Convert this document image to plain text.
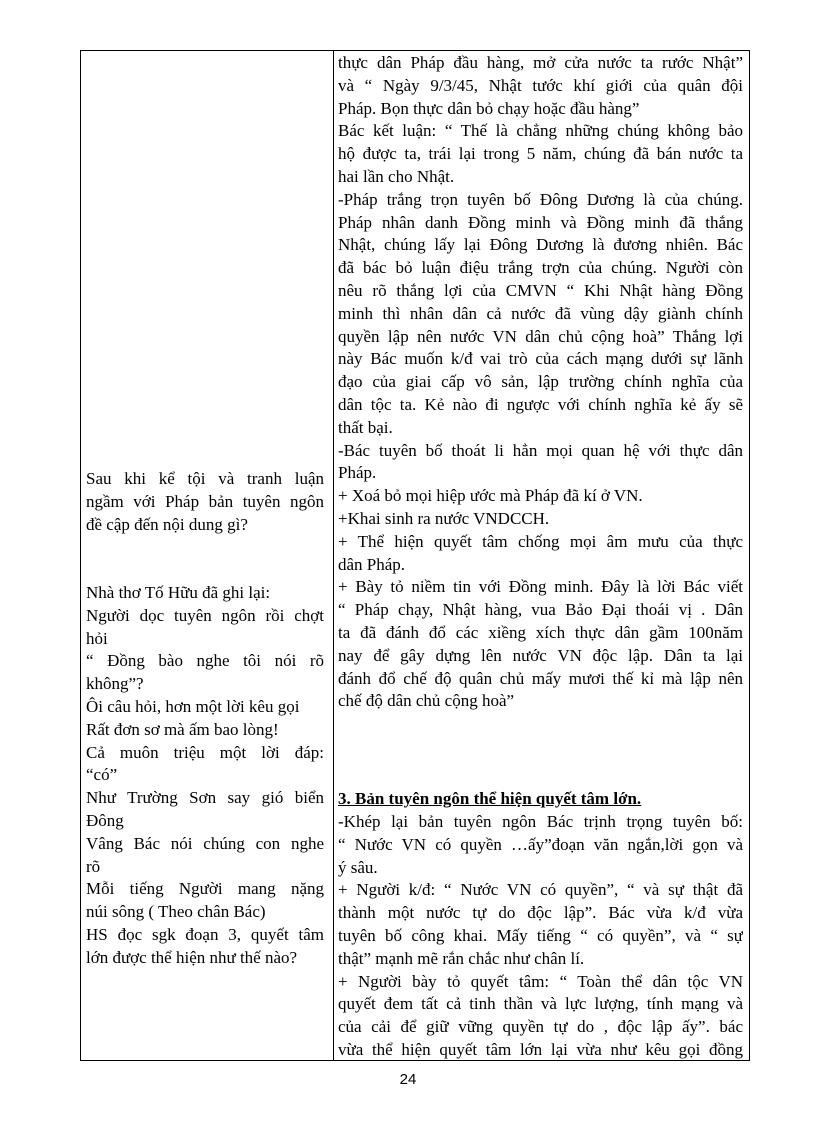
Sau khi kể tội và tranh luận
ngầm với Pháp bản tuyên ngôn
đề cập đến nội dung gì?
Nhà thơ Tố Hữu đã ghi lại:
Người dọc tuyên ngôn rồi chợt
hỏi
“ Đồng bào nghe tôi nói rõ
không”?
Ôi câu hỏi, hơn một lời kêu gọi
Rất đơn sơ mà ấm bao lòng!
Cả muôn triệu một lời đáp:
“có”
Như Trường Sơn say gió biển
Đông
Vâng Bác nói chúng con nghe
rõ
Mỗi tiếng Người mang nặng
núi sông ( Theo chân Bác)
HS đọc sgk đoạn 3, quyết tâm
lớn được thể hiện như thế nào?
thực dân Pháp đầu hàng, mở cửa nước ta rước Nhật”
và “ Ngày 9/3/45, Nhật tước khí giới của quân đội
Pháp. Bọn thực dân bỏ chạy hoặc đầu hàng”
Bác kết luận: “ Thế là chẳng những chúng không bảo
hộ được ta, trái lại trong 5 năm, chúng đã bán nước ta
hai lần cho Nhật.
-Pháp trắng trọn tuyên bố Đông Dương là của chúng.
Pháp nhân danh Đồng minh và Đồng minh đã thắng
Nhật, chúng lấy lại Đông Dương là đương nhiên. Bác
đã bác bỏ luận điệu trắng trợn của chúng. Người còn
nêu rõ thắng lợi của CMVN “ Khi Nhật hàng Đồng
minh thì nhân dân cả nước đã vùng dậy giành chính
quyền lập nên nước VN dân chủ cộng hoà” Thắng lợi
này Bác muốn k/đ vai trò của cách mạng dưới sự lãnh
đạo của giai cấp vô sản, lập trường chính nghĩa của
dân tộc ta. Kẻ nào đi ngược với chính nghĩa kẻ ấy sẽ
thất bại.
-Bác tuyên bố thoát li hẳn mọi quan hệ với thực dân
Pháp.
+ Xoá bỏ mọi hiệp ước mà Pháp đã kí ở VN.
+Khai sinh ra nước VNDCCH.
+ Thể hiện quyết tâm chống mọi âm mưu của thực
dân Pháp.
+ Bày tỏ niềm tin với Đồng minh. Đây là lời Bác viết
“ Pháp chạy, Nhật hàng, vua Bảo Đại thoái vị . Dân
ta đã đánh đổ các xiềng xích thực dân gầm 100năm
nay để gây dựng lên nước VN độc lập. Dân ta lại
đánh đổ chế độ quân chủ mấy mươi thế kỉ mà lập nên
chế độ dân chủ cộng hoà”
3. Bản tuyên ngôn thể hiện quyết tâm lớn.
-Khép lại bản tuyên ngôn Bác trịnh trọng tuyên bố:
“ Nước VN có quyền …ấy”đoạn văn ngắn,lời gọn và
ý sâu.
+ Người k/đ: “ Nước VN có quyền”, “ và sự thật đã
thành một nước tự do độc lập”. Bác vừa k/đ vừa
tuyên bố công khai. Mấy tiếng “ có quyền”, và “ sự
thật” mạnh mẽ rắn chắc như chân lí.
+ Người bày tỏ quyết tâm: “ Toàn thể dân tộc VN
quyết đem tất cả tinh thần và lực lượng, tính mạng và
của cải để giữ vững quyền tự do , độc lập ấy”. bác
vừa thể hiện quyết tâm lớn lại vừa như kêu gọi đồng
24
